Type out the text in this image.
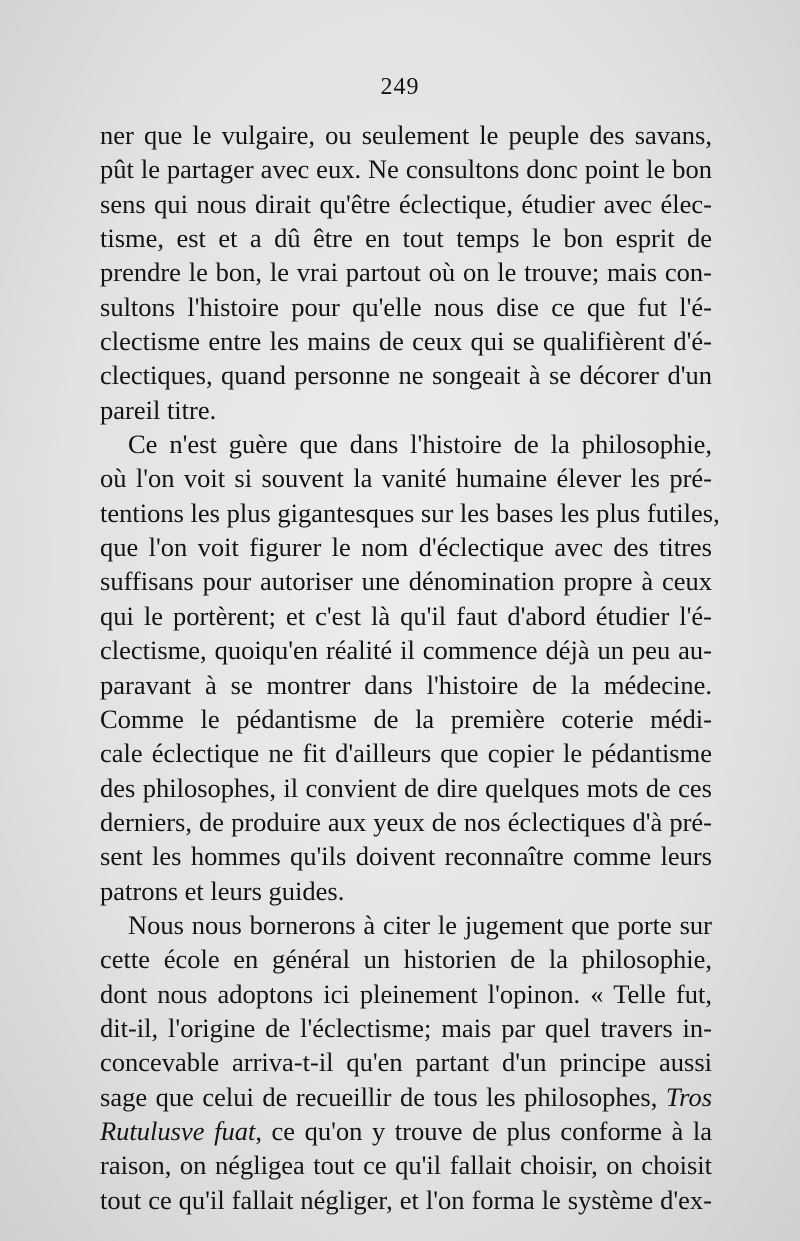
249
ner que le vulgaire, ou seulement le peuple des savans,
pût le partager avec eux. Ne consultons donc point le bon
sens qui nous dirait qu'être éclectique, étudier avec élec-
tisme, est et a dû être en tout temps le bon esprit de
prendre le bon, le vrai partout où on le trouve; mais con-
sultons l'histoire pour qu'elle nous dise ce que fut l'é-
clectisme entre les mains de ceux qui se qualifièrent d'é-
clectiques, quand personne ne songeait à se décorer d'un
pareil titre.
Ce n'est guère que dans l'histoire de la philosophie,
où l'on voit si souvent la vanité humaine élever les pré-
tentions les plus gigantesques sur les bases les plus futiles,
que l'on voit figurer le nom d'éclectique avec des titres
suffisans pour autoriser une dénomination propre à ceux
qui le portèrent; et c'est là qu'il faut d'abord étudier l'é-
clectisme, quoiqu'en réalité il commence déjà un peu au-
paravant à se montrer dans l'histoire de la médecine.
Comme le pédantisme de la première coterie médi-
cale éclectique ne fit d'ailleurs que copier le pédantisme
des philosophes, il convient de dire quelques mots de ces
derniers, de produire aux yeux de nos éclectiques d'à pré-
sent les hommes qu'ils doivent reconnaître comme leurs
patrons et leurs guides.
Nous nous bornerons à citer le jugement que porte sur
cette école en général un historien de la philosophie,
dont nous adoptons ici pleinement l'opinon. « Telle fut,
dit-il, l'origine de l'éclectisme; mais par quel travers in-
concevable arriva-t-il qu'en partant d'un principe aussi
sage que celui de recueillir de tous les philosophes, Tros
Rutulusve fuat, ce qu'on y trouve de plus conforme à la
raison, on négligea tout ce qu'il fallait choisir, on choisit
tout ce qu'il fallait négliger, et l'on forma le système d'ex-
